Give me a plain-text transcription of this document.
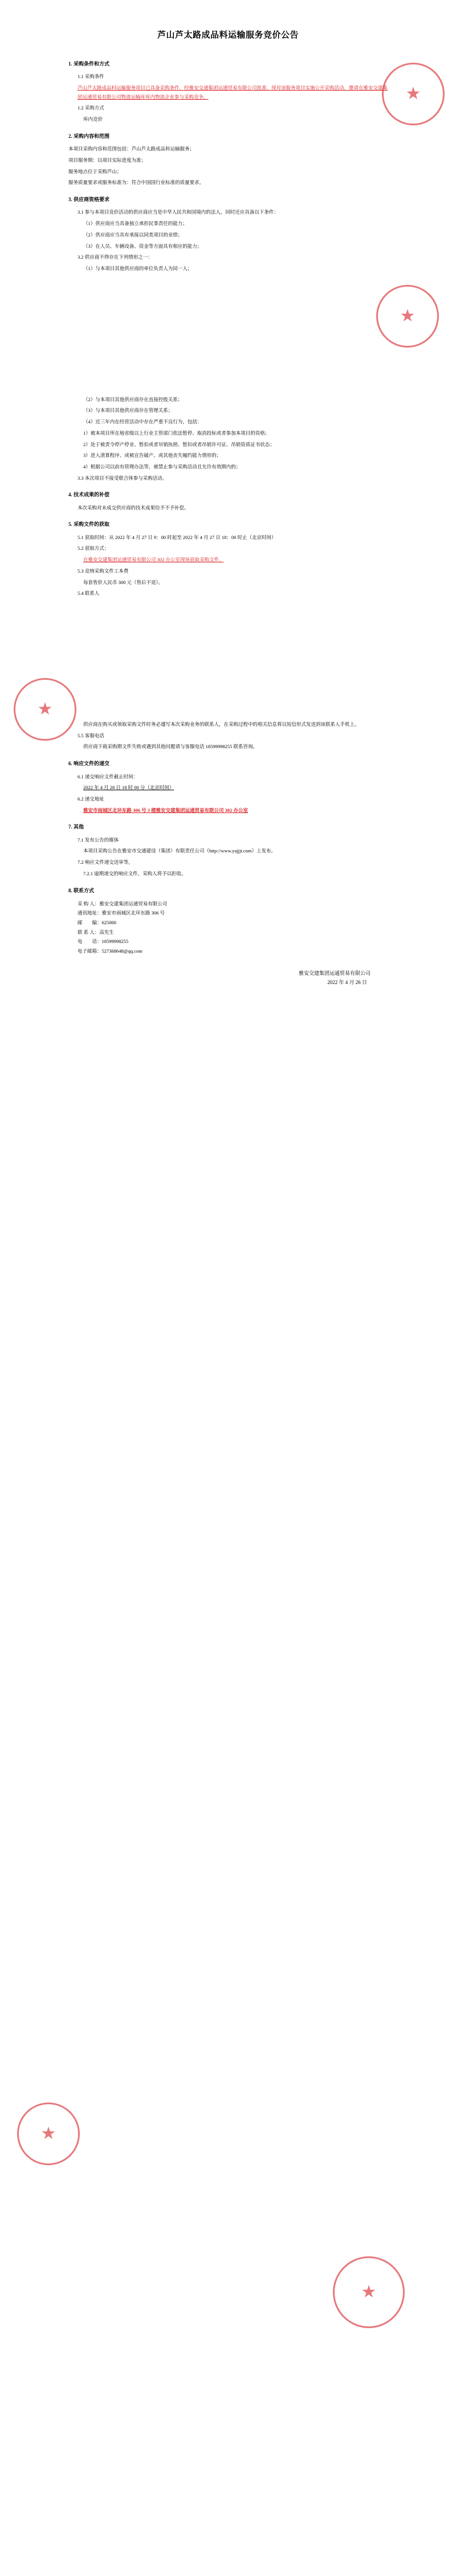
芦山芦太路成品料运输服务竞价公告
1. 采购条件和方式
1.1 采购条件
芦山芦太路成品料运输服务项目已具备采购条件，经雅安交通集团运通贸易有限公司批准，现对该服务项目实施公开采购活动，邀请在雅安交建集团运通贸易有限公司物流运输库库内物流企业参与采购竞争。
1.2 采购方式
库内竞价
2. 采购内容和范围
本项目采购内容和范围包括：芦山芦太路成品料运输服务；
项目服务期：以项目实际进度为准；
服务地点位于采购芦山；
服务质量要求或服务标准为：符合中国国行业标准的质量要求。
3. 供应商资格要求
3.1 参与本项目竞价活动的供应商应当是中华人民共和国境内的法人，同时还应具备以下条件：
（1）供应商应当具备独立承担民事责任的能力；
（2）供应商应当具有承接以同类项目的业绩；
（3）在人员、车辆设备、资金等方面具有相应的能力；
3.2 供应商不得存在下列情形之一：
（1）与本项目其他供应商的单位负责人为同一人；
（2）与本项目其他供应商存在直接控股关系；
（3）与本项目其他供应商存在管理关系；
（4）近三年内在经营活动中存在严重不良行为，包括：
1）被本项目所在地省级以上行业主管部门依法暂停、取消投标或者参加本项目的资格；
2）处于被责令停产停业、暂扣或者吊销执照、暂扣或者吊销许可证、吊销资质证书状态；
3）进入清算程序、或被宣告破产、或其他丧失履约能力情形的；
4）根据公司以前有管理办法等，被禁止参与采购活动且允许有效期内的；
3.3 本次项目不接受联合体参与采购活动。
4. 技术成果的补偿
本次采购对未成交供应商的技术成果给予不予补偿。
5. 采购文件的获取
5.1 获取时间：从 2022 年 4 月 27 日 9：00 时起至 2022 年 4 月 27 日 18：00 时止（北京时间）
5.2 获取方式：
在雅安交建集团运通贸易有限公司 302 办公室现场获取采购文件。
5.3 竞纳采购文件工本费
每套售价人民币 300 元（售后不退）。
5.4 联系人
供应商在购买或领取采购文件时务必遵写本次采购业务的联系人，在采购过程中的相关信息将以短信形式发送到该联系人手机上。
5.5 客服电话
供应商下载采购期文件失败或遇到其他问题请与客服电话 18599998255 联系咨询。
6. 响应文件的递交
6.1 递交响应文件截止时间：
2022 年 4 月 28 日 18 时 00 分（北京时间）
6.2 递交地址
雅安市雨城区北环东路 306 号 3 楼雅安交建集团运通贸易有限公司 302 办公室
7. 其他
7.1 发布公告的媒体
本项目采购公告在雅安市交通建设（集团）有限责任公司（http://www.yajjjt.com）上发布。
7.2 响应文件递交送审等，
7.2.1 逾期递交的响应文件，采购人将予以拒收。
8. 联系方式
采 购 人：雅安交建集团运通贸易有限公司
通讯地址：雅安市雨城区北环东路 306 号
邮　　编：625000
联 系 人：高先生
电　　话：18599998255
电子邮箱：527368648@qq.com
雅安交建集团运通贸易有限公司
2022 年 4 月 26 日
★
★
★
★
★
